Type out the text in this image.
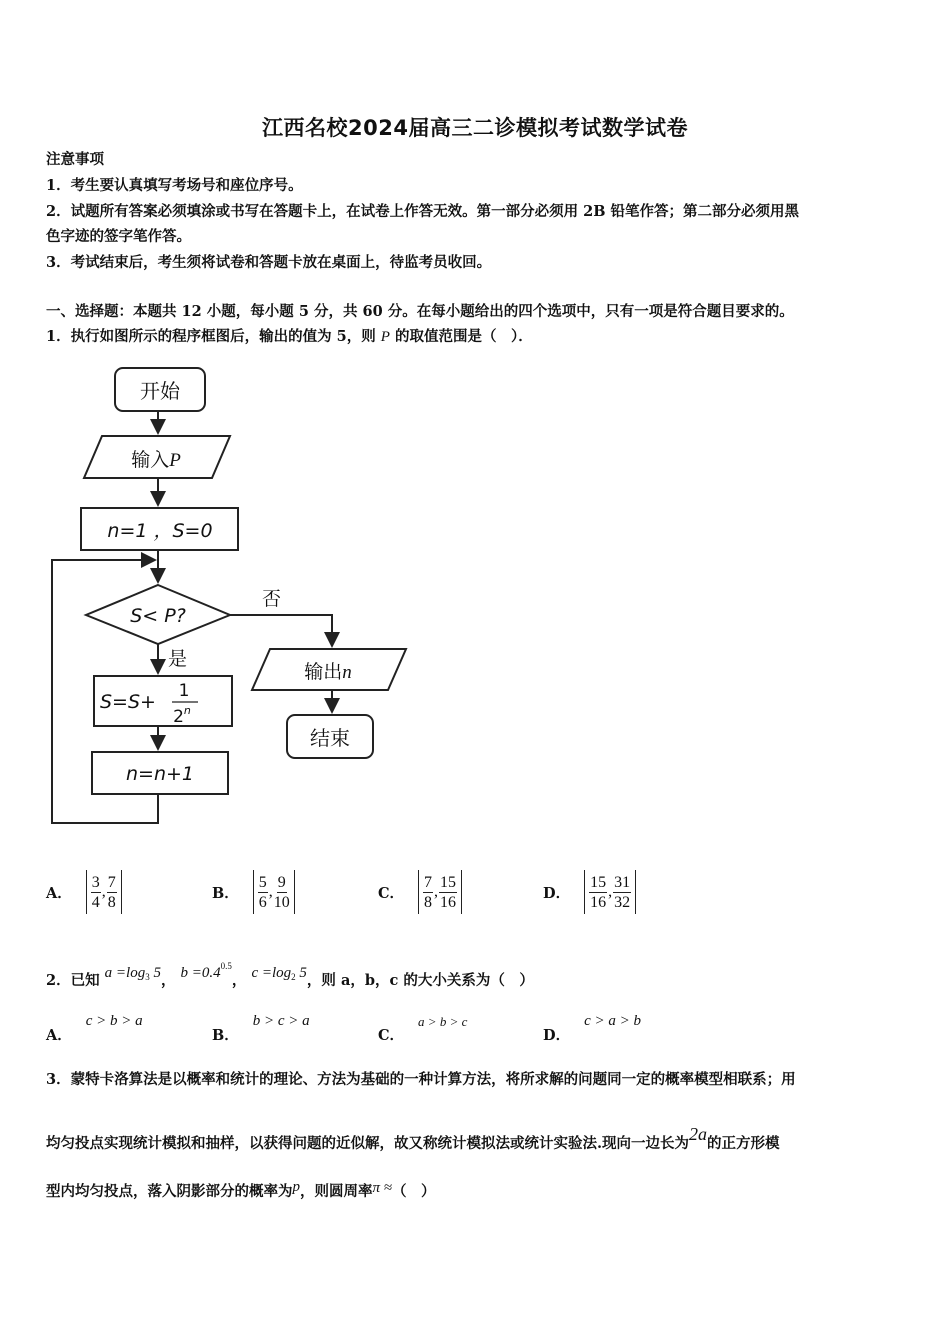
江西名校2024届高三二诊模拟考试数学试卷
注意事项
1．考生要认真填写考场号和座位序号。
2．试题所有答案必须填涂或书写在答题卡上，在试卷上作答无效。第一部分必须用 2B 铅笔作答；第二部分必须用黑
色字迹的签字笔作答。
3．考试结束后，考生须将试卷和答题卡放在桌面上，待监考员收回。
一、选择题：本题共 12 小题，每小题 5 分，共 60 分。在每小题给出的四个选项中，只有一项是符合题目要求的。
1．执行如图所示的程序框图后，输出的值为 5，则 P 的取值范围是（　）．
开始
输入P
n=1 ，S=0
S< P?
否
是
S=S+ 1
2$^n$
n=n+1
输出n
结束
A． $\frac{3}{4}$ , $\frac{7}{8}$	B． $\frac{5}{6}$ , $\frac{9}{10}$	C． $\frac{7}{8}$ , $\frac{15}{16}$	D． $\frac{15}{16}$ , $\frac{31}{32}$
2．已知 $a =\log_3$ 5， $b =0.4^{0.5}$， $c =\log_2$ 5，则 a，b，c 的大小关系为（　）
A．
c > b > a
B．
b > c > a
C．
a > b > c
D．
c > a > b
3．蒙特卡洛算法是以概率和统计的理论、方法为基础的一种计算方法，将所求解的问题同一定的概率模型相联系；用
均匀投点实现统计模拟和抽样，以获得问题的近似解，故又称统计模拟法或统计实验法.现向一边长为2a的正方形模
型内均匀投点，落入阴影部分的概率为p，则圆周率π ≈（　）
